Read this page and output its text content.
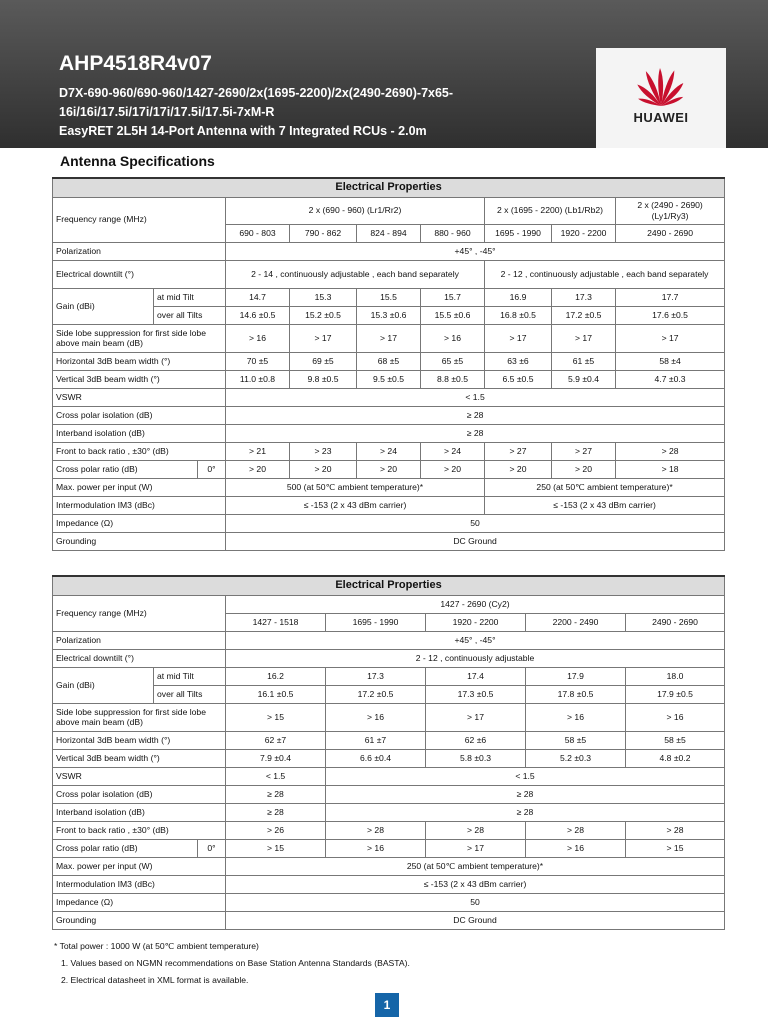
AHP4518R4v07
D7X-690-960/690-960/1427-2690/2x(1695-2200)/2x(2490-2690)-7x65-
16i/16i/17.5i/17i/17i/17.5i/17.5i-7xM-R
EasyRET 2L5H 14-Port Antenna with 7 Integrated RCUs - 2.0m
HUAWEI
Antenna Specifications
Electrical Properties									
Frequency range (MHz)			2 x (690 - 960) (Lr1/Rr2)				2 x (1695 - 2200) (Lb1/Rb2)		2 x (2490 - 2690) (Ly1/Ry3)
			690 - 803	790 - 862	824 - 894	880 - 960	1695 - 1990	1920 - 2200	2490 - 2690
Polarization			+45° , -45°						
Electrical downtilt (°)			2 - 14 , continuously adjustable , each band separately				2 - 12 , continuously adjustable , each band separately		
Gain (dBi)	at mid Tilt		14.7	15.3	15.5	15.7	16.9	17.3	17.7
	over all Tilts		14.6 ±0.5	15.2 ±0.5	15.3 ±0.6	15.5 ±0.6	16.8 ±0.5	17.2 ±0.5	17.6 ±0.5
Side lobe suppression for first side lobe above main beam (dB)			> 16	> 17	> 17	> 16	> 17	> 17	> 17
Horizontal 3dB beam width (°)			70 ±5	69 ±5	68 ±5	65 ±5	63 ±6	61 ±5	58 ±4
Vertical 3dB beam width (°)			11.0 ±0.8	9.8 ±0.5	9.5 ±0.5	8.8 ±0.5	6.5 ±0.5	5.9 ±0.4	4.7 ±0.3
VSWR			< 1.5						
Cross polar isolation (dB)			≥ 28						
Interband isolation (dB)			≥ 28						
Front to back ratio , ±30° (dB)			> 21	> 23	> 24	> 24	> 27	> 27	> 28
Cross polar ratio (dB)		0°	> 20	> 20	> 20	> 20	> 20	> 20	> 18
Max. power per input (W)			500 (at 50℃ ambient temperature)*				250 (at 50℃ ambient temperature)*		
Intermodulation IM3 (dBc)			≤ -153 (2 x 43 dBm carrier)				≤ -153 (2 x 43 dBm carrier)		
Impedance (Ω)			50						
Grounding			DC Ground						
Electrical Properties							
Frequency range (MHz)			1427 - 2690 (Cy2)				
			1427 - 1518	1695 - 1990	1920 - 2200	2200 - 2490	2490 - 2690
Polarization			+45° , -45°				
Electrical downtilt (°)			2 - 12 , continuously adjustable				
Gain (dBi)	at mid Tilt		16.2	17.3	17.4	17.9	18.0
	over all Tilts		16.1 ±0.5	17.2 ±0.5	17.3 ±0.5	17.8 ±0.5	17.9 ±0.5
Side lobe suppression for first side lobe above main beam (dB)			> 15	> 16	> 17	> 16	> 16
Horizontal 3dB beam width (°)			62 ±7	61 ±7	62 ±6	58 ±5	58 ±5
Vertical 3dB beam width (°)			7.9 ±0.4	6.6 ±0.4	5.8 ±0.3	5.2 ±0.3	4.8 ±0.2
VSWR			< 1.5	< 1.5			
Cross polar isolation (dB)			≥ 28	≥ 28			
Interband isolation (dB)			≥ 28	≥ 28			
Front to back ratio , ±30° (dB)			> 26	> 28	> 28	> 28	> 28
Cross polar ratio (dB)		0°	> 15	> 16	> 17	> 16	> 15
Max. power per input (W)			250 (at 50℃ ambient temperature)*				
Intermodulation IM3 (dBc)			≤ -153 (2 x 43 dBm carrier)				
Impedance (Ω)			50				
Grounding			DC Ground				
* Total power : 1000 W (at 50℃ ambient temperature)
1. Values based on NGMN recommendations on Base Station Antenna Standards (BASTA).
2. Electrical datasheet in XML format is available.
1
